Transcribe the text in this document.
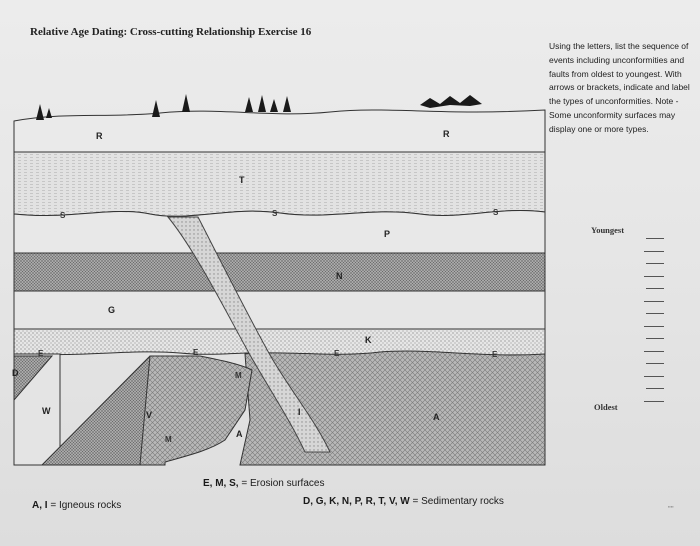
Relative Age Dating: Cross-cutting Relationship Exercise 16
Using the letters, list the sequence of events including unconformities and faults from oldest to youngest. With arrows or brackets, indicate and label the types of unconformities. Note - Some unconformity surfaces may display one or more types.
Youngest
Oldest
R	R
T
P
N
G
K
D
W	V
A
A
I
S	S	S
E	E	E	E
M
M
E, M, S, = Erosion surfaces
A, I = Igneous rocks	D, G, K, N, P, R, T, V, W = Sedimentary rocks	▪▪▪▪
